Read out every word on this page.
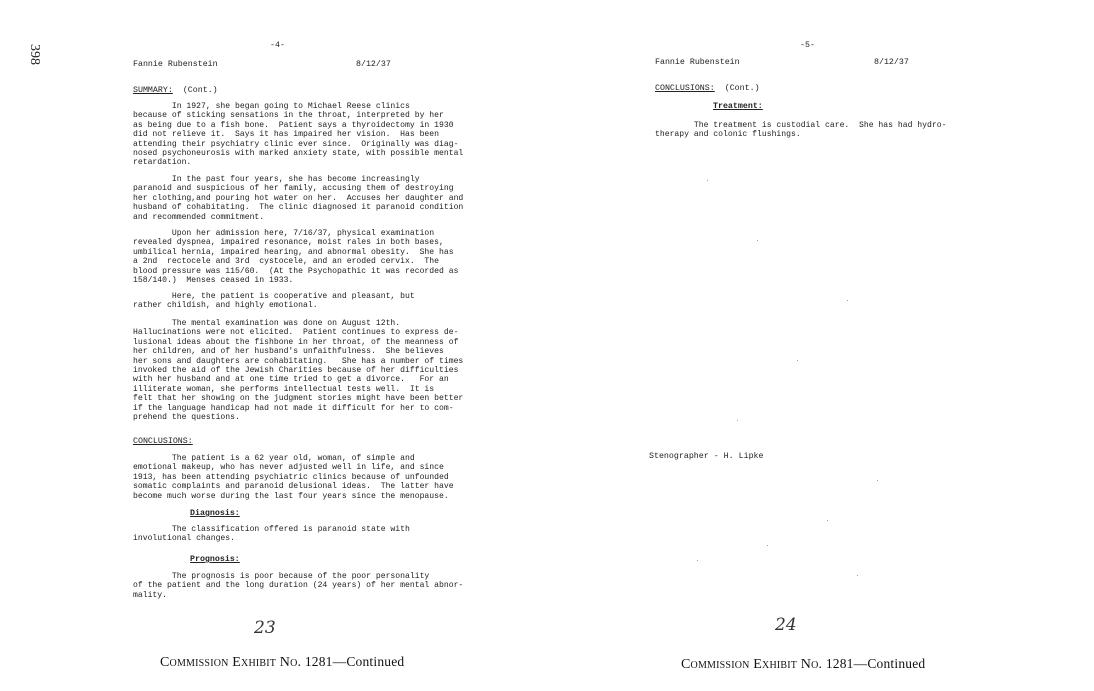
398	-4-
Fannie Rubenstein	8/12/37
SUMMARY: (Cont.)
In 1927, she began going to Michael Reese clinics
because of sticking sensations in the throat, interpreted by her
as being due to a fish bone.  Patient says a thyroidectomy in 1930
did not relieve it.  Says it has impaired her vision.  Has been
attending their psychiatry clinic ever since.  Originally was diag-
nosed psychoneurosis with marked anxiety state, with possible mental
retardation.
In the past four years, she has become increasingly
paranoid and suspicious of her family, accusing them of destroying
her clothing,and pouring hot water on her.  Accuses her daughter and
husband of cohabitating.  The clinic diagnosed it paranoid condition
and recommended commitment.
Upon her admission here, 7/16/37, physical examination
revealed dyspnea, impaired resonance, moist rales in both bases,
umbilical hernia, impaired hearing, and abnormal obesity.  She has
a 2nd  rectocele and 3rd  cystocele, and an eroded cervix.  The
blood pressure was 115/60.  (At the Psychopathic it was recorded as
158/140.)  Menses ceased in 1933.
Here, the patient is cooperative and pleasant, but
rather childish, and highly emotional.
The mental examination was done on August 12th.
Hallucinations were not elicited.  Patient continues to express de-
lusional ideas about the fishbone in her throat, of the meanness of
her children, and of her husband's unfaithfulness.  She believes
her sons and daughters are cohabitating.   She has a number of times
invoked the aid of the Jewish Charities because of her difficulties
with her husband and at one time tried to get a divorce.   For an
illiterate woman, she performs intellectual tests well.  It is
felt that her showing on the judgment stories might have been better
if the language handicap had not made it difficult for her to com-
prehend the questions.
CONCLUSIONS:
The patient is a 62 year old, woman, of simple and
emotional makeup, who has never adjusted well in life, and since
1913, has been attending psychiatric clinics because of unfounded
somatic complaints and paranoid delusional ideas.  The latter have
become much worse during the last four years since the menopause.
Diagnosis:
The classification offered is paranoid state with
involutional changes.
Prognosis:
The prognosis is poor because of the poor personality
of the patient and the long duration (24 years) of her mental abnor-
mality.
23
Commission Exhibit No. 1281—Continued
-5-
Fannie Rubenstein	8/12/37
CONCLUSIONS: (Cont.)
Treatment:
The treatment is custodial care.  She has had hydro-
therapy and colonic flushings.
Stenographer - H. Lipke
24
Commission Exhibit No. 1281—Continued
